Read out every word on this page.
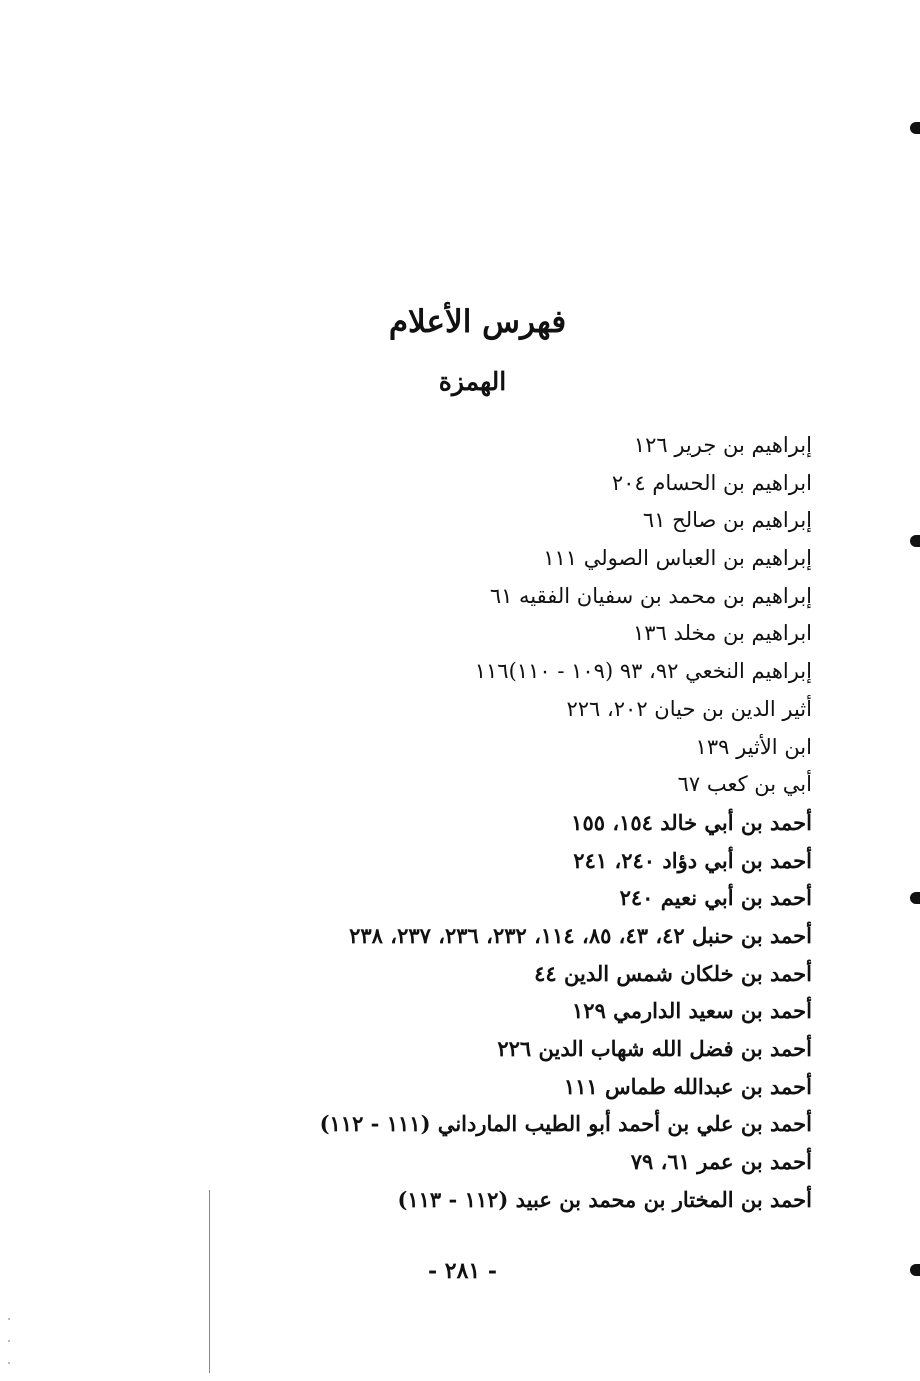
فهرس الأعلام
الهمزة
إبراهيم بن جرير ١٢٦
ابراهيم بن الحسام ٢٠٤
إبراهيم بن صالح ٦١
إبراهيم بن العباس الصولي ١١١
إبراهيم بن محمد بن سفيان الفقيه ٦١
ابراهيم بن مخلد ١٣٦
إبراهيم النخعي ٩٢، ٩٣ (١٠٩ - ١١٠)١١٦
أثير الدين بن حيان ٢٠٢، ٢٢٦
ابن الأثير ١٣٩
أبي بن كعب ٦٧
أحمد بن أبي خالد ١٥٤، ١٥٥
أحمد بن أبي دؤاد ٢٤٠، ٢٤١
أحمد بن أبي نعيم ٢٤٠
أحمد بن حنبل ٤٢، ٤٣، ٨٥، ١١٤، ٢٣٢، ٢٣٦، ٢٣٧، ٢٣٨
أحمد بن خلكان شمس الدين ٤٤
أحمد بن سعيد الدارمي ١٢٩
أحمد بن فضل الله شهاب الدين ٢٢٦
أحمد بن عبدالله طماس ١١١
أحمد بن علي بن أحمد أبو الطيب المارداني (١١١ - ١١٢)
أحمد بن عمر ٦١، ٧٩
أحمد بن المختار بن محمد بن عبيد (١١٢ - ١١٣)
- ٢٨١ -
